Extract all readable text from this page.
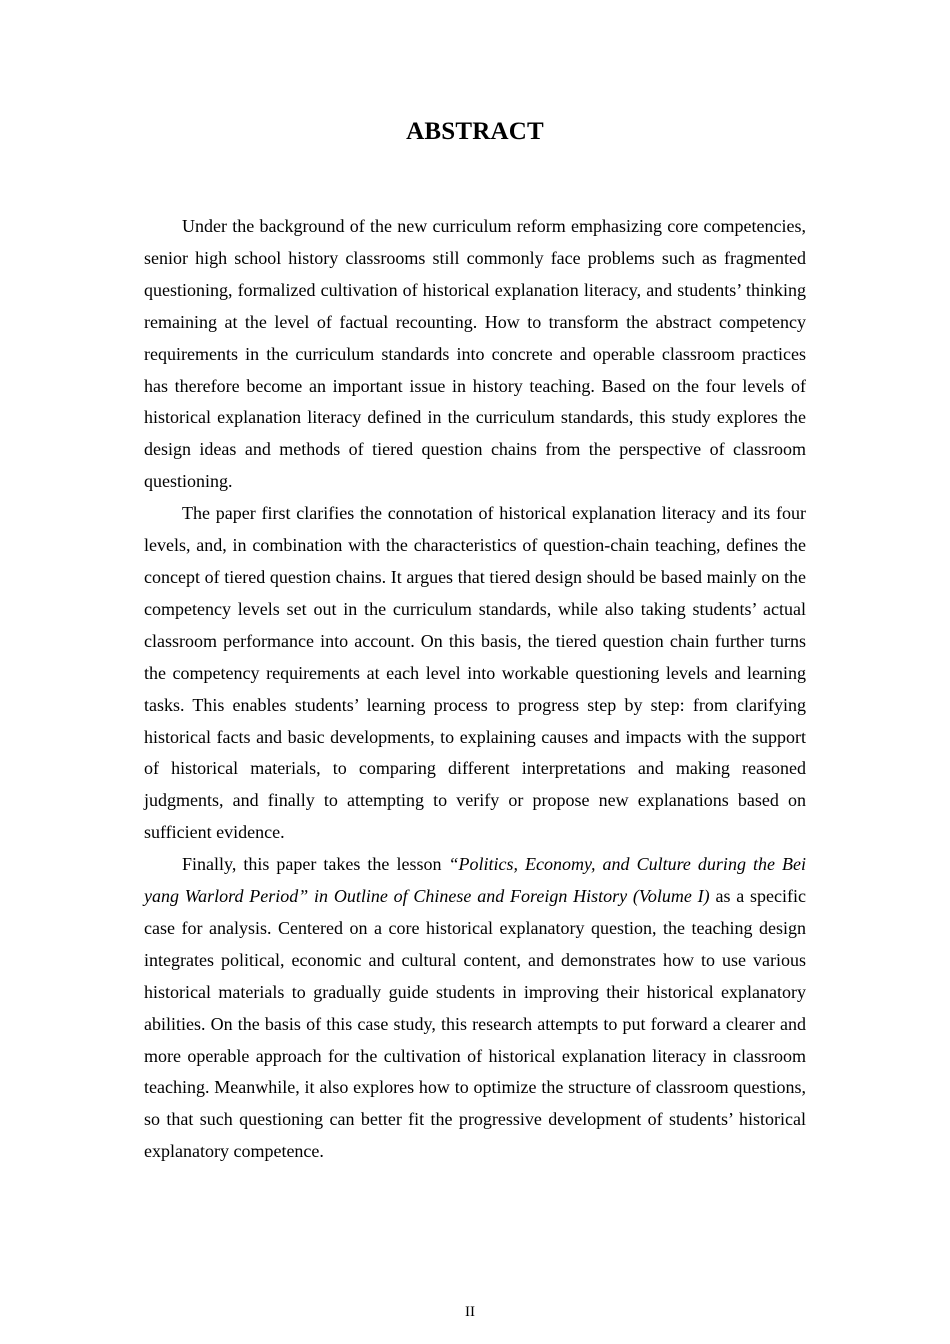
ABSTRACT

Under the background of the new curriculum reform emphasizing core competencies, senior high school history classrooms still commonly face problems such as fragmented questioning, formalized cultivation of historical explanation literacy, and students’ thinking remaining at the level of factual recounting. How to transform the abstract competency requirements in the curriculum standards into concrete and operable classroom practices has therefore become an important issue in history teaching. Based on the four levels of historical explanation literacy defined in the curriculum standards, this study explores the design ideas and methods of tiered question chains from the perspective of classroom questioning.

The paper first clarifies the connotation of historical explanation literacy and its four levels, and, in combination with the characteristics of question-chain teaching, defines the concept of tiered question chains. It argues that tiered design should be based mainly on the competency levels set out in the curriculum standards, while also taking students’ actual classroom performance into account. On this basis, the tiered question chain further turns the competency requirements at each level into workable questioning levels and learning tasks. This enables students’ learning process to progress step by step: from clarifying historical facts and basic developments, to explaining causes and impacts with the support of historical materials, to comparing different interpretations and making reasoned judgments, and finally to attempting to verify or propose new explanations based on sufficient evidence.

Finally, this paper takes the lesson “Politics, Economy, and Culture during the Bei yang Warlord Period” in Outline of Chinese and Foreign History (Volume I) as a specific case for analysis. Centered on a core historical explanatory question, the teaching design integrates political, economic and cultural content, and demonstrates how to use various historical materials to gradually guide students in improving their historical explanatory abilities. On the basis of this case study, this research attempts to put forward a clearer and more operable approach for the cultivation of historical explanation literacy in classroom teaching. Meanwhile, it also explores how to optimize the structure of classroom questions, so that such questioning can better fit the progressive development of students’ historical explanatory competence.

II
